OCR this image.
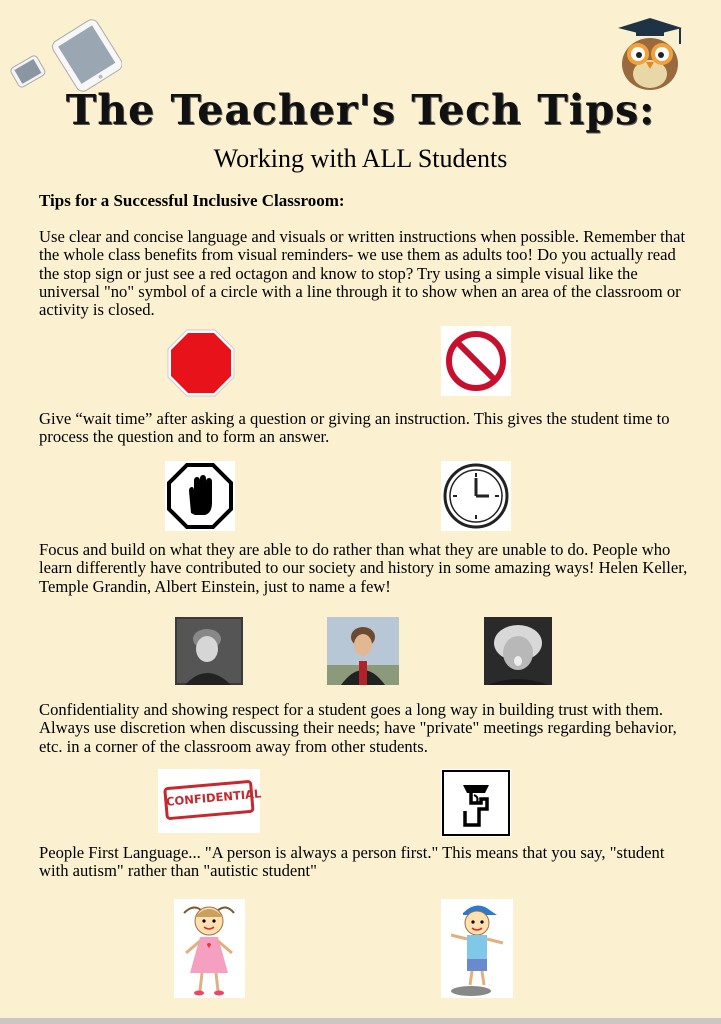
The Teacher's Tech Tips:
Working with ALL Students
Tips for a Successful Inclusive Classroom:
Use clear and concise language and visuals or written instructions when possible. Remember that the whole class benefits from visual reminders- we use them as adults too! Do you actually read the stop sign or just see a red octagon and know to stop? Try using a simple visual like the universal "no" symbol of a circle with a line through it to show when an area of the classroom or activity is closed.
Give “wait time” after asking a question or giving an instruction. This gives the student time to process the question and to form an answer.
Focus and build on what they are able to do rather than what they are unable to do. People who learn differently have contributed to our society and history in some amazing ways! Helen Keller, Temple Grandin, Albert Einstein, just to name a few!
Confidentiality and showing respect for a student goes a long way in building trust with them. Always use discretion when discussing their needs; have "private" meetings regarding behavior, etc. in a corner of the classroom away from other students.
CONFIDENTIAL
People First Language... "A person is always a person first." This means that you say, "student with autism" rather than "autistic student"
